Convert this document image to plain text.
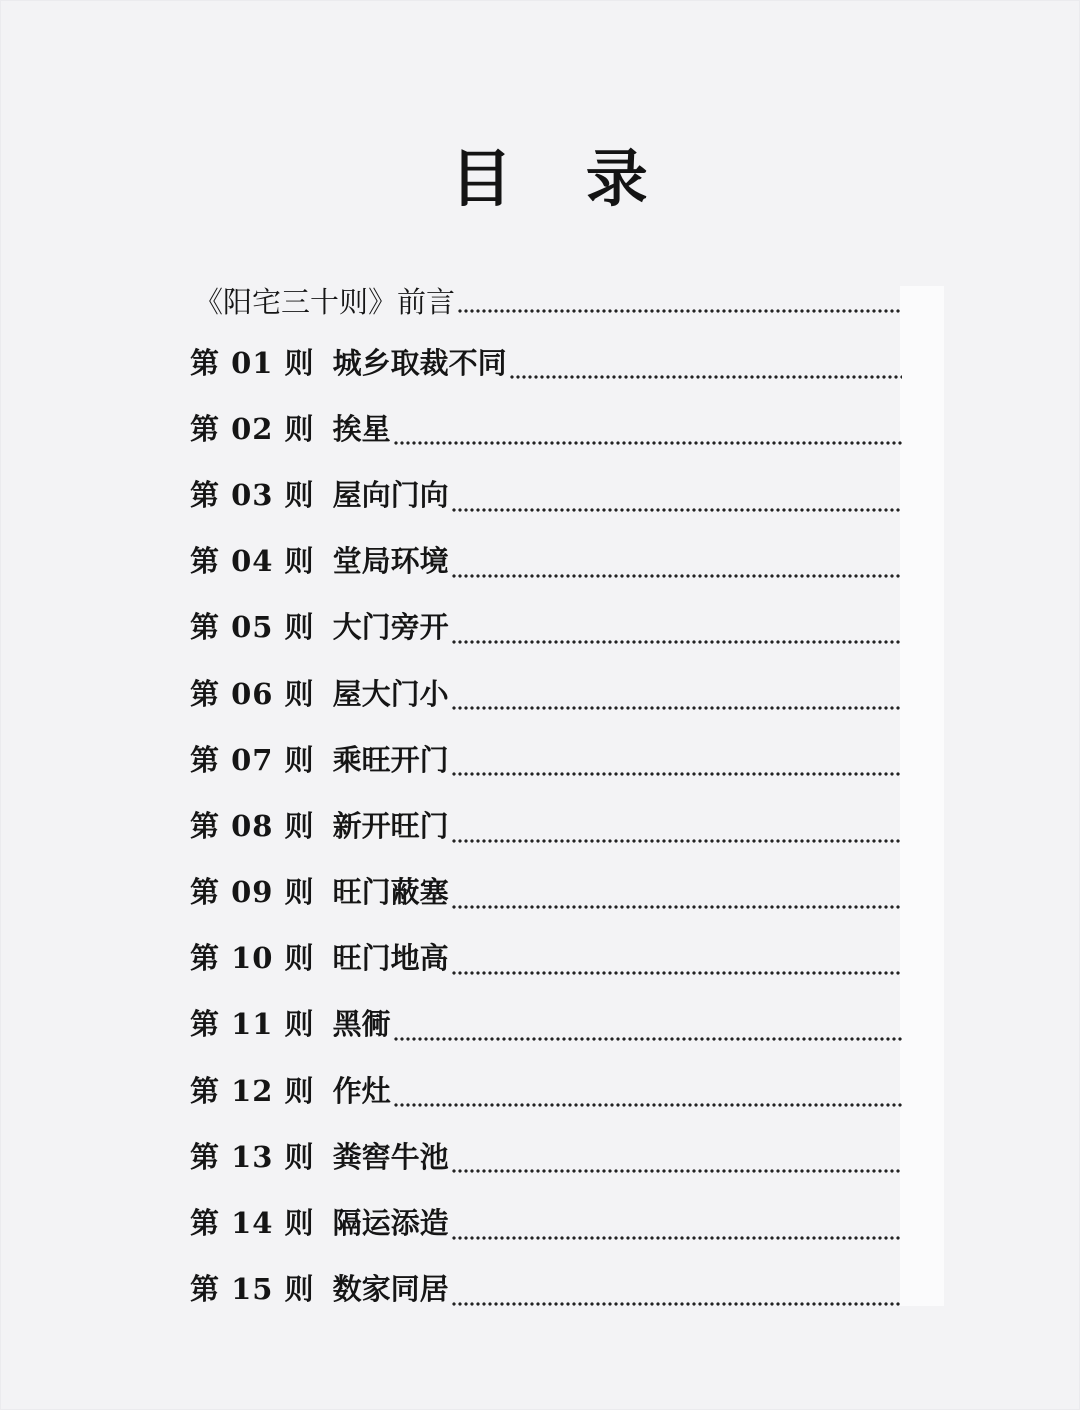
目 录
《阳宅三十则》前言
第 01 则 城乡取裁不同
第 02 则 挨星
第 03 则 屋向门向
第 04 则 堂局环境
第 05 则 大门旁开
第 06 则 屋大门小
第 07 则 乘旺开门
第 08 则 新开旺门
第 09 则 旺门蔽塞
第 10 则 旺门地高
第 11 则 黑衕
第 12 则 作灶
第 13 则 粪窖牛池
第 14 则 隔运添造
第 15 则 数家同居
